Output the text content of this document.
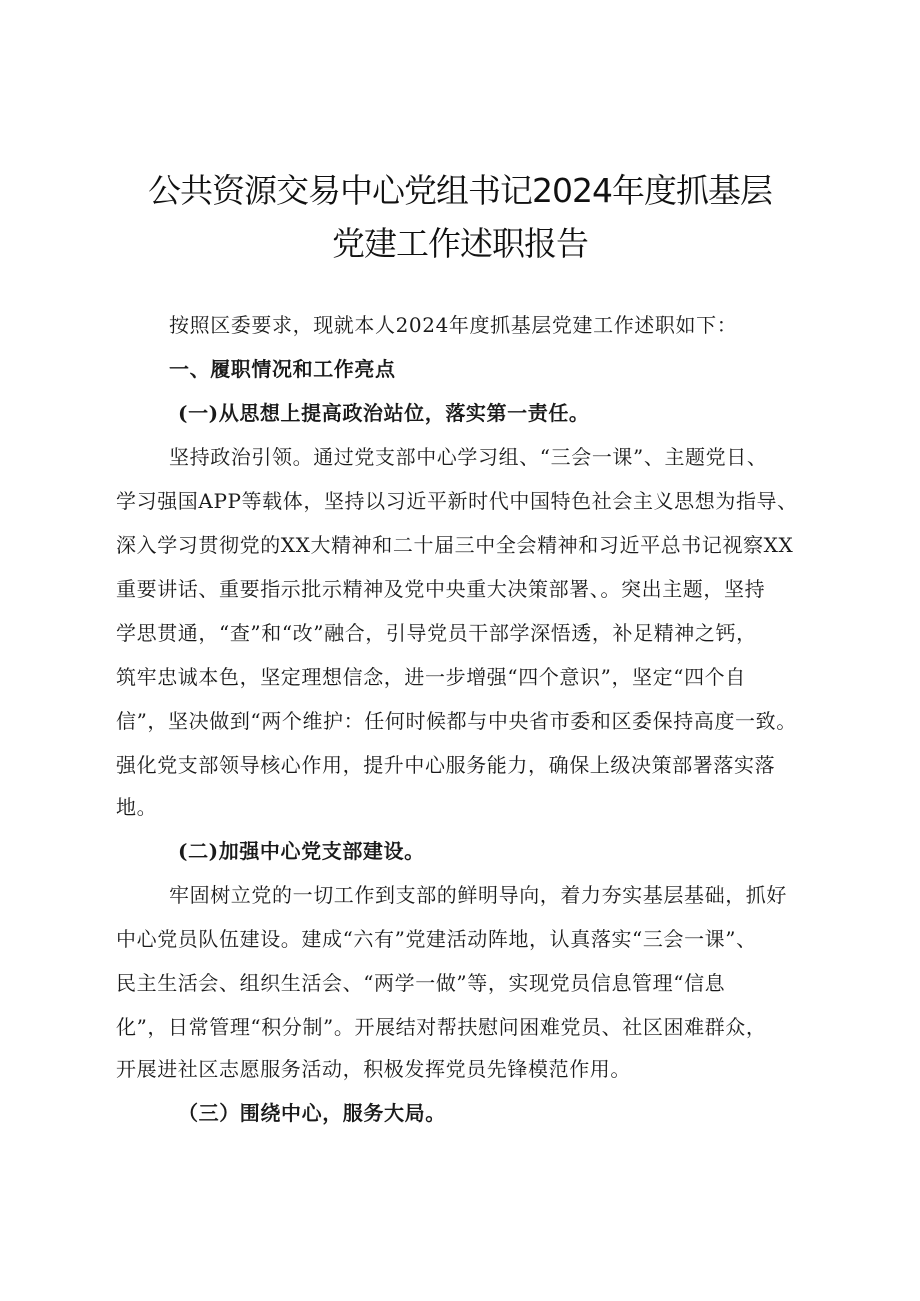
公共资源交易中心党组书记2024年度抓基层
党建工作述职报告
按照区委要求，现就本人2024年度抓基层党建工作述职如下：
一、履职情况和工作亮点
(一)从思想上提高政治站位，落实第一责任。
坚持政治引领。通过党支部中心学习组、“三会一课”、主题党日、
学习强国APP等载体，坚持以习近平新时代中国特色社会主义思想为指导、
深入学习贯彻党的XX大精神和二十届三中全会精神和习近平总书记视察XX
重要讲话、重要指示批示精神及党中央重大决策部署、。突出主题，坚持
学思贯通，“查”和“改”融合，引导党员干部学深悟透，补足精神之钙，
筑牢忠诚本色，坚定理想信念，进一步增强“四个意识”，坚定“四个自
信”，坚决做到“两个维护：任何时候都与中央省市委和区委保持高度一致。
强化党支部领导核心作用，提升中心服务能力，确保上级决策部署落实落
地。
(二)加强中心党支部建设。
牢固树立党的一切工作到支部的鲜明导向，着力夯实基层基础，抓好
中心党员队伍建设。建成“六有”党建活动阵地，认真落实“三会一课”、
民主生活会、组织生活会、“两学一做”等，实现党员信息管理“信息
化”，日常管理“积分制”。开展结对帮扶慰问困难党员、社区困难群众，
开展进社区志愿服务活动，积极发挥党员先锋模范作用。
（三）围绕中心，服务大局。
